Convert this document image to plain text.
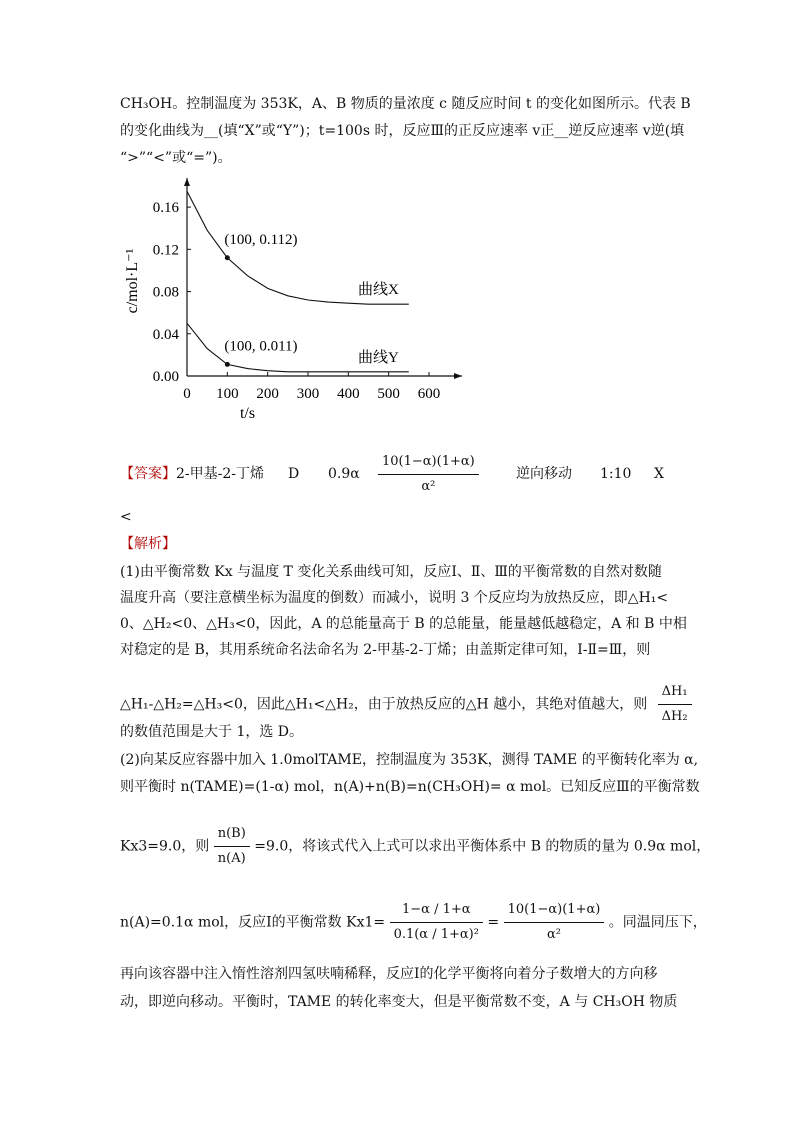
CH₃OH。控制温度为 353K，A、B 物质的量浓度 c 随反应时间 t 的变化如图所示。代表 B
的变化曲线为__(填“X”或“Y”)；t=100s 时，反应Ⅲ的正反应速率 v正__逆反应速率 v逆(填
“>”“<”或“=”)。
0 100 200 300 400 500 600
0.00
0.04
0.08
0.12
0.16
t/s
c/mol·L⁻¹	曲线X
曲线Y
(100, 0.112)
(100, 0.011)
【答案】2-甲基-2-丁烯 D $0.9\alpha \frac{10(1-\alpha)(1+\alpha)}{\text{α²}}$	逆向移动 1:10 X
<
【解析】
(1)由平衡常数 Kx 与温度 T 变化关系曲线可知，反应Ⅰ、Ⅱ、Ⅲ的平衡常数的自然对数随
温度升高（要注意横坐标为温度的倒数）而减小，说明 3 个反应均为放热反应，即△H₁<
0、△H₂<0、△H₃<0，因此，A 的总能量高于 B 的总能量，能量越低越稳定，A 和 B 中相
对稳定的是 B，其用系统命名法命名为 2-甲基-2-丁烯；由盖斯定律可知，Ⅰ-Ⅱ=Ⅲ，则
△H₁-△H₂=△H₃<0，因此△H₁<△H₂，由于放热反应的△H 越小，其绝对值越大，则 $\frac{\text{ΔH₁}}{\text{ΔH₂}}$
的数值范围是大于 1，选 D。
(2)向某反应容器中加入 1.0molTAME，控制温度为 353K，测得 TAME 的平衡转化率为 α,
则平衡时 n(TAME)=(1-α) mol，n(A)+n(B)=n(CH₃OH)= α mol。已知反应Ⅲ的平衡常数
Kx3=9.0，则 $\frac{n(B)}{n(A)} =9.0$，将该式代入上式可以求出平衡体系中 B 的物质的量为 0.9α mol，
n(A)=0.1α mol，反应Ⅰ的平衡常数 $Kx1= \frac{1-\alpha / 1+\alpha}{\text{0.1(α / 1+α)²}} = \frac{10(1-\alpha)(1+\alpha)}{\text{α²}}$ 。同温同压下，
再向该容器中注入惰性溶剂四氢呋喃稀释，反应Ⅰ的化学平衡将向着分子数增大的方向移
动，即逆向移动。平衡时，TAME 的转化率变大，但是平衡常数不变，A 与 CH₃OH 物质
